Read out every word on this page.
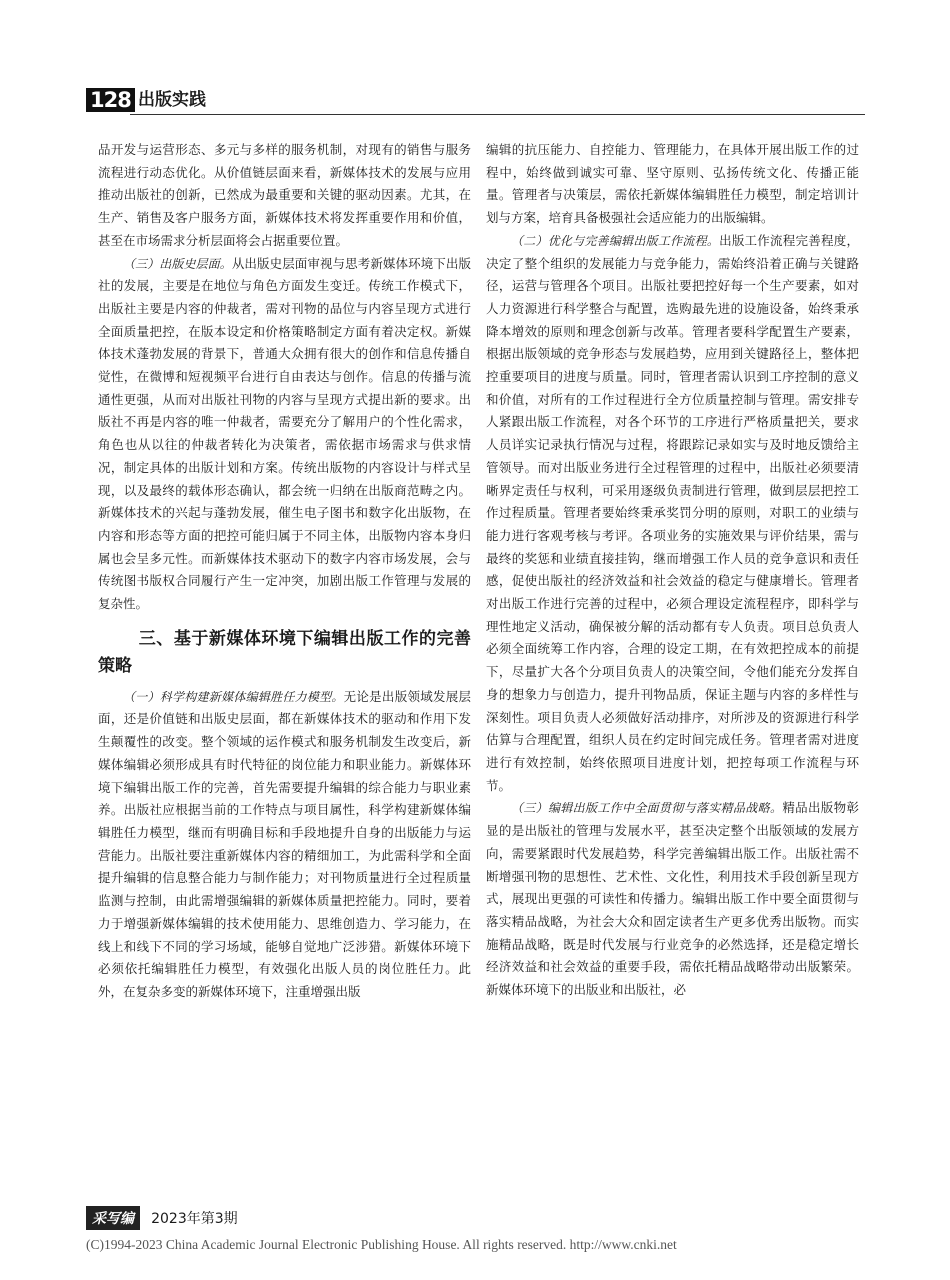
128 出版实践

品开发与运营形态、多元与多样的服务机制，对现有的销售与服务流程进行动态优化。从价值链层面来看，新媒体技术的发展与应用推动出版社的创新，已然成为最重要和关键的驱动因素。尤其，在生产、销售及客户服务方面，新媒体技术将发挥重要作用和价值，甚至在市场需求分析层面将会占据重要位置。

（三）出版史层面。从出版史层面审视与思考新媒体环境下出版社的发展，主要是在地位与角色方面发生变迁。传统工作模式下，出版社主要是内容的仲裁者，需对刊物的品位与内容呈现方式进行全面质量把控，在版本设定和价格策略制定方面有着决定权。新媒体技术蓬勃发展的背景下，普通大众拥有很大的创作和信息传播自觉性，在微博和短视频平台进行自由表达与创作。信息的传播与流通性更强，从而对出版社刊物的内容与呈现方式提出新的要求。出版社不再是内容的唯一仲裁者，需要充分了解用户的个性化需求，角色也从以往的仲裁者转化为决策者，需依据市场需求与供求情况，制定具体的出版计划和方案。传统出版物的内容设计与样式呈现，以及最终的载体形态确认，都会统一归纳在出版商范畴之内。新媒体技术的兴起与蓬勃发展，催生电子图书和数字化出版物，在内容和形态等方面的把控可能归属于不同主体，出版物内容本身归属也会呈多元性。而新媒体技术驱动下的数字内容市场发展，会与传统图书版权合同履行产生一定冲突，加剧出版工作管理与发展的复杂性。

三、基于新媒体环境下编辑出版工作的完善策略

（一）科学构建新媒体编辑胜任力模型。无论是出版领域发展层面，还是价值链和出版史层面，都在新媒体技术的驱动和作用下发生颠覆性的改变。整个领域的运作模式和服务机制发生改变后，新媒体编辑必须形成具有时代特征的岗位能力和职业能力。新媒体环境下编辑出版工作的完善，首先需要提升编辑的综合能力与职业素养。出版社应根据当前的工作特点与项目属性，科学构建新媒体编辑胜任力模型，继而有明确目标和手段地提升自身的出版能力与运营能力。出版社要注重新媒体内容的精细加工，为此需科学和全面提升编辑的信息整合能力与制作能力；对刊物质量进行全过程质量监测与控制，由此需增强编辑的新媒体质量把控能力。同时，要着力于增强新媒体编辑的技术使用能力、思维创造力、学习能力，在线上和线下不同的学习场域，能够自觉地广泛涉猎。新媒体环境下必须依托编辑胜任力模型，有效强化出版人员的岗位胜任力。此外，在复杂多变的新媒体环境下，注重增强出版

编辑的抗压能力、自控能力、管理能力，在具体开展出版工作的过程中，始终做到诚实可靠、坚守原则、弘扬传统文化、传播正能量。管理者与决策层，需依托新媒体编辑胜任力模型，制定培训计划与方案，培育具备极强社会适应能力的出版编辑。

（二）优化与完善编辑出版工作流程。出版工作流程完善程度，决定了整个组织的发展能力与竞争能力，需始终沿着正确与关键路径，运营与管理各个项目。出版社要把控好每一个生产要素，如对人力资源进行科学整合与配置，选购最先进的设施设备，始终秉承降本增效的原则和理念创新与改革。管理者要科学配置生产要素，根据出版领域的竞争形态与发展趋势，应用到关键路径上，整体把控重要项目的进度与质量。同时，管理者需认识到工序控制的意义和价值，对所有的工作过程进行全方位质量控制与管理。需安排专人紧跟出版工作流程，对各个环节的工序进行严格质量把关，要求人员详实记录执行情况与过程，将跟踪记录如实与及时地反馈给主管领导。而对出版业务进行全过程管理的过程中，出版社必须要清晰界定责任与权利，可采用逐级负责制进行管理，做到层层把控工作过程质量。管理者要始终秉承奖罚分明的原则，对职工的业绩与能力进行客观考核与考评。各项业务的实施效果与评价结果，需与最终的奖惩和业绩直接挂钩，继而增强工作人员的竞争意识和责任感，促使出版社的经济效益和社会效益的稳定与健康增长。管理者对出版工作进行完善的过程中，必须合理设定流程程序，即科学与理性地定义活动，确保被分解的活动都有专人负责。项目总负责人必须全面统筹工作内容，合理的设定工期，在有效把控成本的前提下，尽量扩大各个分项目负责人的决策空间，令他们能充分发挥自身的想象力与创造力，提升刊物品质，保证主题与内容的多样性与深刻性。项目负责人必须做好活动排序，对所涉及的资源进行科学估算与合理配置，组织人员在约定时间完成任务。管理者需对进度进行有效控制，始终依照项目进度计划，把控每项工作流程与环节。

（三）编辑出版工作中全面贯彻与落实精品战略。精品出版物彰显的是出版社的管理与发展水平，甚至决定整个出版领域的发展方向，需要紧跟时代发展趋势，科学完善编辑出版工作。出版社需不断增强刊物的思想性、艺术性、文化性，利用技术手段创新呈现方式，展现出更强的可读性和传播力。编辑出版工作中要全面贯彻与落实精品战略，为社会大众和固定读者生产更多优秀出版物。而实施精品战略，既是时代发展与行业竞争的必然选择，还是稳定增长经济效益和社会效益的重要手段，需依托精品战略带动出版繁荣。新媒体环境下的出版业和出版社，必

采写编 2023年第3期
(C)1994-2023 China Academic Journal Electronic Publishing House. All rights reserved. http://www.cnki.net
